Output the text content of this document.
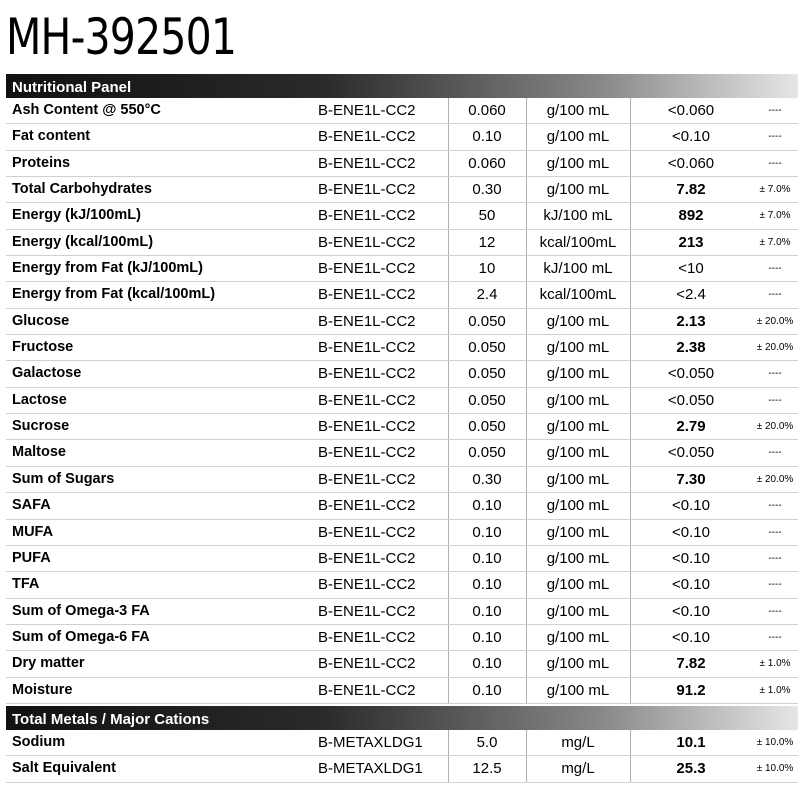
MH-392501
Nutritional Panel
Ash Content @ 550°C	B-ENE1L-CC2	0.060	g/100 mL	<0.060	----
Fat content	B-ENE1L-CC2	0.10	g/100 mL	<0.10	----
Proteins	B-ENE1L-CC2	0.060	g/100 mL	<0.060	----
Total Carbohydrates	B-ENE1L-CC2	0.30	g/100 mL	7.82	± 7.0%
Energy (kJ/100mL)	B-ENE1L-CC2	50	kJ/100 mL	892	± 7.0%
Energy (kcal/100mL)	B-ENE1L-CC2	12	kcal/100mL	213	± 7.0%
Energy from Fat (kJ/100mL)	B-ENE1L-CC2	10	kJ/100 mL	<10	----
Energy from Fat (kcal/100mL)	B-ENE1L-CC2	2.4	kcal/100mL	<2.4	----
Glucose	B-ENE1L-CC2	0.050	g/100 mL	2.13	± 20.0%
Fructose	B-ENE1L-CC2	0.050	g/100 mL	2.38	± 20.0%
Galactose	B-ENE1L-CC2	0.050	g/100 mL	<0.050	----
Lactose	B-ENE1L-CC2	0.050	g/100 mL	<0.050	----
Sucrose	B-ENE1L-CC2	0.050	g/100 mL	2.79	± 20.0%
Maltose	B-ENE1L-CC2	0.050	g/100 mL	<0.050	----
Sum of Sugars	B-ENE1L-CC2	0.30	g/100 mL	7.30	± 20.0%
SAFA	B-ENE1L-CC2	0.10	g/100 mL	<0.10	----
MUFA	B-ENE1L-CC2	0.10	g/100 mL	<0.10	----
PUFA	B-ENE1L-CC2	0.10	g/100 mL	<0.10	----
TFA	B-ENE1L-CC2	0.10	g/100 mL	<0.10	----
Sum of Omega-3 FA	B-ENE1L-CC2	0.10	g/100 mL	<0.10	----
Sum of Omega-6 FA	B-ENE1L-CC2	0.10	g/100 mL	<0.10	----
Dry matter	B-ENE1L-CC2	0.10	g/100 mL	7.82	± 1.0%
Moisture	B-ENE1L-CC2	0.10	g/100 mL	91.2	± 1.0%
Total Metals / Major Cations
Sodium	B-METAXLDG1	5.0	mg/L	10.1	± 10.0%
Salt Equivalent	B-METAXLDG1	12.5	mg/L	25.3	± 10.0%
